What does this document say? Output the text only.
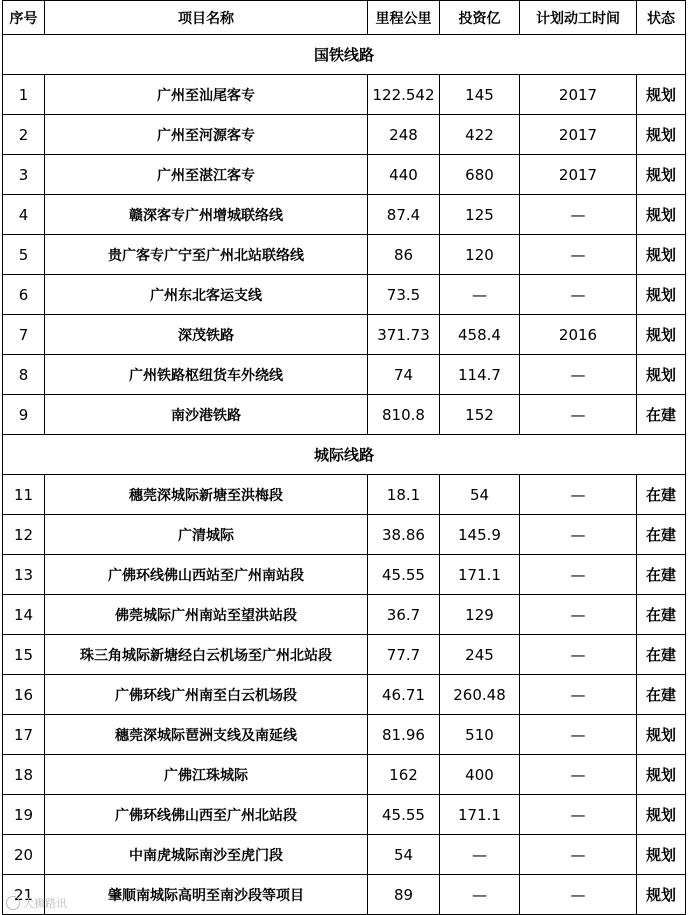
序号	项目名称	里程公里	投资亿	计划动工时间	状态
国铁线路					
1	广州至汕尾客专	122.542	145	2017	规划
2	广州至河源客专	248	422	2017	规划
3	广州至湛江客专	440	680	2017	规划
4	赣深客专广州增城联络线	87.4	125	—	规划
5	贵广客专广宁至广州北站联络线	86	120	—	规划
6	广州东北客运支线	73.5	—	—	规划
7	深茂铁路	371.73	458.4	2016	规划
8	广州铁路枢纽货车外绕线	74	114.7	—	规划
9	南沙港铁路	810.8	152	—	在建
城际线路					
11	穗莞深城际新塘至洪梅段	18.1	54	—	在建
12	广清城际	38.86	145.9	—	在建
13	广佛环线佛山西站至广州南站段	45.55	171.1	—	在建
14	佛莞城际广州南站至望洪站段	36.7	129	—	在建
15	珠三角城际新塘经白云机场至广州北站段	77.7	245	—	在建
16	广佛环线广州南至白云机场段	46.71	260.48	—	在建
17	穗莞深城际琶洲支线及南延线	81.96	510	—	规划
18	广佛江珠城际	162	400	—	规划
19	广佛环线佛山西至广州北站段	45.55	171.1	—	规划
20	中南虎城际南沙至虎门段	54	—	—	规划
21	肇顺南城际高明至南沙段等项目	89	—	—	规划
大狮路讯
